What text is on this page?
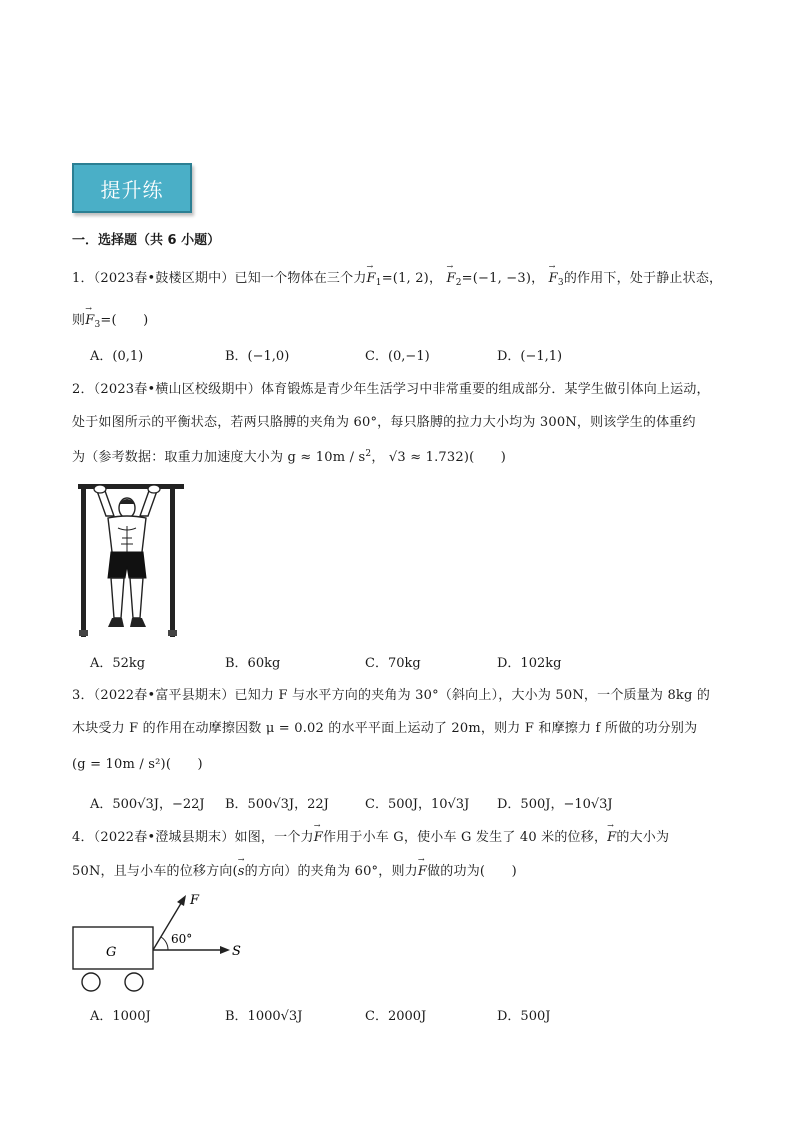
提升练
一．选择题（共 6 小题）
1．（2023春•鼓楼区期中）已知一个物体在三个力→ $F_1=(1$, 2)， → $F_2=(-1$, −3)， → $F_3$的作用下，处于静止状态，
则→ $F_3=$(　　)
A．(0,1)	B．(−1,0)	C．(0,−1)	D．(−1,1)
2．（2023春•横山区校级期中）体育锻炼是青少年生活学习中非常重要的组成部分．某学生做引体向上运动，
处于如图所示的平衡状态，若两只胳膊的夹角为 60°，每只胳膊的拉力大小均为 300N，则该学生的体重约
为（参考数据：取重力加速度大小为 $g \approx 10m / s^2$， √3 ≈ 1.732)(　　)
A．52kg	B．60kg	C．70kg	D．102kg
3．（2022春•富平县期末）已知力 F 与水平方向的夹角为 30°（斜向上），大小为 50N，一个质量为 8kg 的
木块受力 F 的作用在动摩擦因数 μ = 0.02 的水平平面上运动了 20m，则力 F 和摩擦力 f 所做的功分别为
(g = 10m / s²)(　　)
A．500√3J，−22J B．500√3J，22J	C．500J，10√3J D．500J，−10√3J
4．（2022春•澄城县期末）如图，一个力→ F作用于小车 G，使小车 G 发生了 40 米的位移，→ F的大小为
50N，且与小车的位移方向(→ s的方向）的夹角为 60°，则力→ F做的功为(　　)
F
G
60°
S
A．1000J	B．1000√3J	C．2000J	D．500J
